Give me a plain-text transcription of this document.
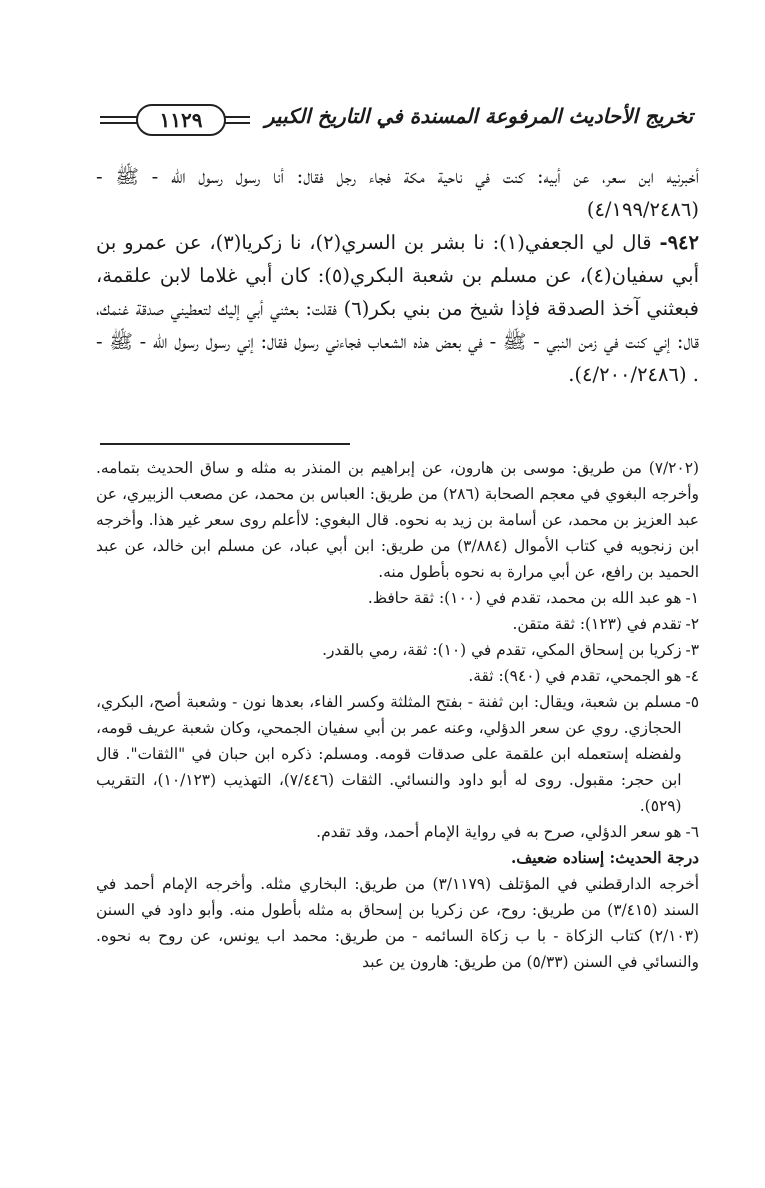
تخريج الأحاديث المرفوعة المسندة في التاريخ الكبير
١١٢٩

أخبرنيه ابن سعر، عن أبيه: كنت في ناحية مكة فجاء رجل فقال: أنا رسول رسول الله - ﷺ - (٤/١٩٩/٢٤٨٦)

٩٤٢- قال لي الجعفي(١): نا بشر بن السري(٢)، نا زكريا(٣)، عن عمرو بن أبي سفيان(٤)، عن مسلم بن شعبة البكري(٥): كان أبي غلاما لابن علقمة، فبعثني آخذ الصدقة فإذا شيخ من بني بكر(٦) فقلت: بعثني أبي إليك لتعطيني صدقة غنمك، قال: إني كنت في زمن النبي - ﷺ - في بعض هذه الشعاب فجاءني رسول فقال: إني رسول رسول الله - ﷺ - . (٤/٢٠٠/٢٤٨٦).

(٧/٢٠٢) من طريق: موسى بن هارون، عن إبراهيم بن المنذر به مثله و ساق الحديث بتمامه. وأخرجه البغوي في معجم الصحابة (٢٨٦) من طريق: العباس بن محمد، عن مصعب الزبيري، عن عبد العزيز بن محمد، عن أسامة بن زيد به نحوه. قال البغوي: لاأعلم روى سعر غير هذا. وأخرجه ابن زنجويه في كتاب الأموال (٣/٨٨٤) من طريق: ابن أبي عباد، عن مسلم ابن خالد، عن عبد الحميد بن رافع، عن أبي مرارة به نحوه بأطول منه.

١-
هو عبد الله بن محمد، تقدم في (١٠٠): ثقة حافظ.
٢-
تقدم في (١٢٣): ثقة متقن.
٣-
زكريا بن إسحاق المكي، تقدم في (١٠): ثقة، رمي بالقدر.
٤-
هو الجمحي، تقدم في (٩٤٠): ثقة.
٥-
مسلم بن شعبة، ويقال: ابن ثفنة - بفتح المثلثة وكسر الفاء، بعدها نون - وشعبة أصح، البكري، الحجازي. روي عن سعر الدؤلي، وعنه عمر بن أبي سفيان الجمحي، وكان شعبة عريف قومه، ولفضله إستعمله ابن علقمة على صدقات قومه. ومسلم: ذكره ابن حبان في "الثقات". قال ابن حجر: مقبول. روى له أبو داود والنسائي. الثقات (٧/٤٤٦)، التهذيب (١٠/١٢٣)، التقريب (٥٢٩).
٦-
هو سعر الدؤلي، صرح به في رواية الإمام أحمد، وقد تقدم.

درجة الحديث: إسناده ضعيف.

أخرجه الدارقطني في المؤتلف (٣/١١٧٩) من طريق: البخاري مثله. وأخرجه الإمام أحمد في السند (٣/٤١٥) من طريق: روح، عن زكريا بن إسحاق به مثله بأطول منه. وأبو داود في السنن (٢/١٠٣) كتاب الزكاة - با ب زكاة السائمه - من طريق: محمد اب يونس، عن روح به نحوه. والنسائي في السنن (٥/٣٣) من طريق: هارون ين عبد
